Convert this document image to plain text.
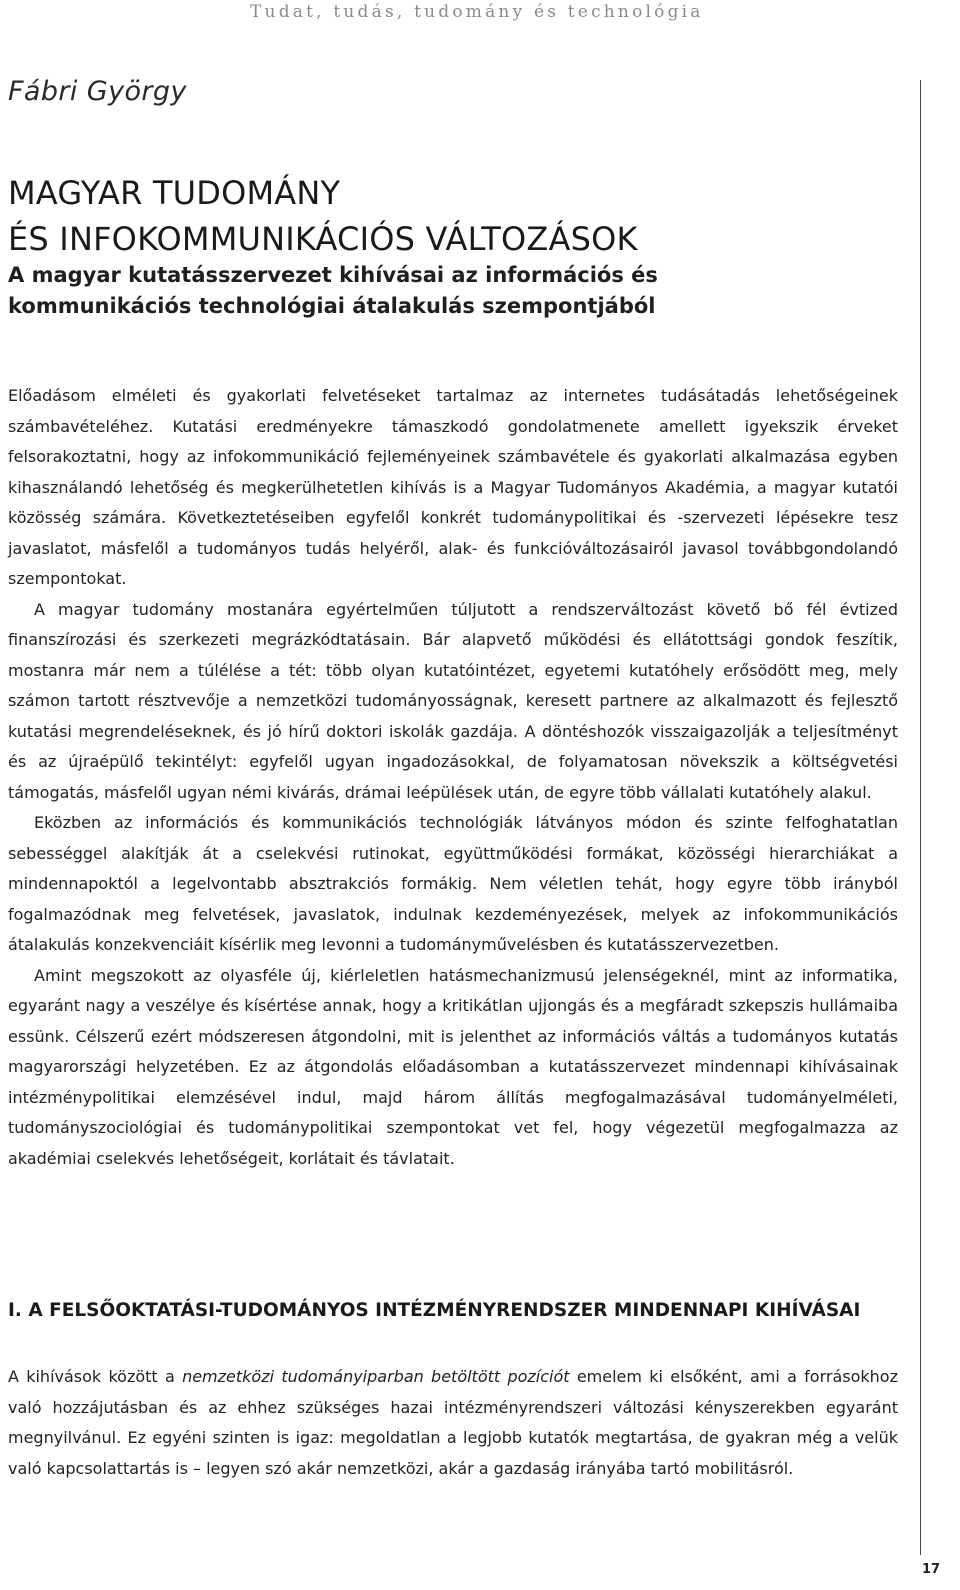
Tudat, tudás, tudomány és technológia
Fábri György
MAGYAR TUDOMÁNY
ÉS INFOKOMMUNIKÁCIÓS VÁLTOZÁSOK
A magyar kutatásszervezet kihívásai az információs és
kommunikációs technológiai átalakulás szempontjából

Előadásom elméleti és gyakorlati felvetéseket tartalmaz az internetes tudásátadás lehetőségeinek számbavételéhez. Kutatási eredményekre támaszkodó gondolatmenete amellett igyekszik érveket felsorakoztatni, hogy az infokommunikáció fejleményeinek számbavétele és gyakorlati alkalmazása egyben kihasználandó lehetőség és megkerülhetetlen kihívás is a Magyar Tudományos Akadémia, a magyar kutatói közösség számára. Következtetéseiben egyfelől konkrét tudománypolitikai és -szervezeti lépésekre tesz javaslatot, másfelől a tudományos tudás helyéről, alak- és funkcióváltozásairól javasol továbbgondolandó szempontokat.

A magyar tudomány mostanára egyértelműen túljutott a rendszerváltozást követő bő fél évtized finanszírozási és szerkezeti megrázkódtatásain. Bár alapvető működési és ellátottsági gondok feszítik, mostanra már nem a túlélése a tét: több olyan kutatóintézet, egyetemi kutatóhely erősödött meg, mely számon tartott résztvevője a nemzetközi tudományosságnak, keresett partnere az alkalmazott és fejlesztő kutatási megrendeléseknek, és jó hírű doktori iskolák gazdája. A döntéshozók visszaigazolják a teljesítményt és az újraépülő tekintélyt: egyfelől ugyan ingadozásokkal, de folyamatosan növekszik a költségvetési támogatás, másfelől ugyan némi kivárás, drámai leépülések után, de egyre több vállalati kutatóhely alakul.

Eközben az információs és kommunikációs technológiák látványos módon és szinte felfoghatatlan sebességgel alakítják át a cselekvési rutinokat, együttműködési formákat, közösségi hierarchiákat a mindennapoktól a legelvontabb absztrakciós formákig. Nem véletlen tehát, hogy egyre több irányból fogalmazódnak meg felvetések, javaslatok, indulnak kezdeményezések, melyek az infokommunikációs átalakulás konzekvenciáit kísérlik meg levonni a tudományművelésben és kutatásszervezetben.

Amint megszokott az olyasféle új, kiérleletlen hatásmechanizmusú jelenségeknél, mint az informatika, egyaránt nagy a veszélye és kísértése annak, hogy a kritikátlan ujjongás és a megfáradt szkepszis hullámaiba essünk. Célszerű ezért módszeresen átgondolni, mit is jelenthet az információs váltás a tudományos kutatás magyarországi helyzetében. Ez az átgondolás előadásomban a kutatásszervezet mindennapi kihívásainak intézménypolitikai elemzésével indul, majd három állítás megfogalmazásával tudományelméleti, tudományszociológiai és tudománypolitikai szempontokat vet fel, hogy végezetül megfogalmazza az akadémiai cselekvés lehetőségeit, korlátait és távlatait.

I. A FELSŐOKTATÁSI-TUDOMÁNYOS INTÉZMÉNYRENDSZER MINDENNAPI KIHÍVÁSAI

A kihívások között a nemzetközi tudományiparban betöltött pozíciót emelem ki elsőként, ami a forrásokhoz való hozzájutásban és az ehhez szükséges hazai intézményrendszeri változási kényszerekben egyaránt megnyilvánul. Ez egyéni szinten is igaz: megoldatlan a legjobb kutatók megtartása, de gyakran még a velük való kapcsolattartás is – legyen szó akár nemzetközi, akár a gazdaság irányába tartó mobilitásról.

17
